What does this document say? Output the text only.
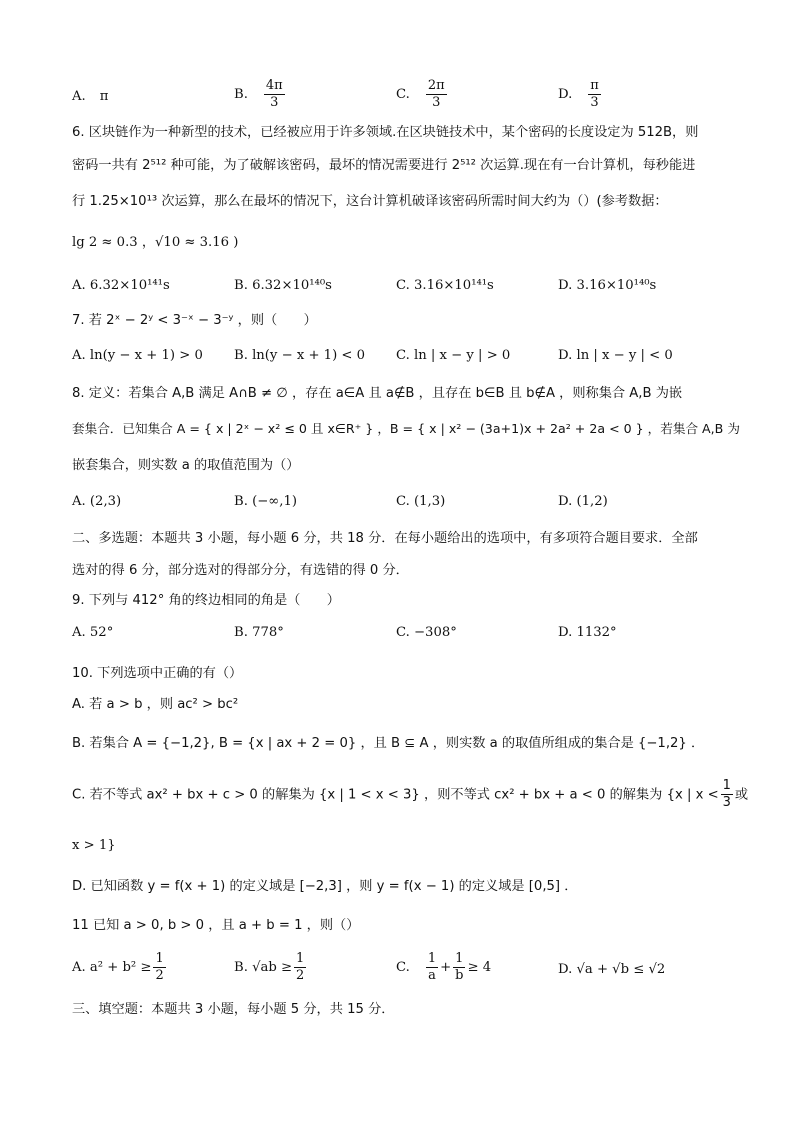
A. π	B. $\frac{4\pi}{3}$	C. $\frac{2\pi}{3}$	D. $\frac{\pi}{3}$
6. 区块链作为一种新型的技术，已经被应用于许多领域.在区块链技术中，某个密码的长度设定为 512B，则
密码一共有 2⁵¹² 种可能，为了破解该密码，最坏的情况需要进行 2⁵¹² 次运算.现在有一台计算机，每秒能进
行 1.25×10¹³ 次运算，那么在最坏的情况下，这台计算机破译该密码所需时间大约为（）(参考数据：
lg 2 ≈ 0.3 ，√10 ≈ 3.16 )
A. 6.32×10¹⁴¹s	B. 6.32×10¹⁴⁰s	C. 3.16×10¹⁴¹s	D. 3.16×10¹⁴⁰s
7. 若 2ˣ − 2ʸ < 3⁻ˣ − 3⁻ʸ ，则（　　）
A. ln(y − x + 1) > 0 B. ln(y − x + 1) < 0 C. ln | x − y | > 0	D. ln | x − y | < 0
8. 定义：若集合 A,B 满足 A∩B ≠ ∅ ，存在 a∈A 且 a∉B ，且存在 b∈B 且 b∉A ，则称集合 A,B 为嵌
套集合．已知集合 A = { x | 2ˣ − x² ≤ 0 且 x∈R⁺ } ，B = { x | x² − (3a+1)x + 2a² + 2a < 0 } ，若集合 A,B 为
嵌套集合，则实数 a 的取值范围为（）
A. (2,3)	B. (−∞,1)	C. (1,3)	D. (1,2)
二、多选题：本题共 3 小题，每小题 6 分，共 18 分．在每小题给出的选项中，有多项符合题目要求．全部
选对的得 6 分，部分选对的得部分分，有选错的得 0 分．
9. 下列与 412° 角的终边相同的角是（　　）
A. 52°	B. 778°	C. −308°	D. 1132°
10. 下列选项中正确的有（）
A. 若 a > b ，则 ac² > bc²
B. 若集合 A = {−1,2}, B = {x | ax + 2 = 0} ，且 B ⊆ A ，则实数 a 的取值所组成的集合是 {−1,2} ．
C. 若不等式 ax² + bx + c > 0 的解集为 {x | 1 < x < 3} ，则不等式 cx² + bx + a < 0 的解集为 {x | $x < \frac{1}{3}$ 或
x > 1}
D. 已知函数 y = f(x + 1) 的定义域是 [−2,3] ，则 y = f(x − 1) 的定义域是 [0,5] ．
11 已知 a > 0, b > 0 ，且 a + b = 1 ，则（）
A. $a^2 + b^2 \ge \frac{1}{2}$	B. $√ab \ge \frac{1}{2}$	C. $\frac{1}{a} + \frac{1}{b} \ge 4$	D. √a + √b ≤ √2
三、填空题：本题共 3 小题，每小题 5 分，共 15 分．
